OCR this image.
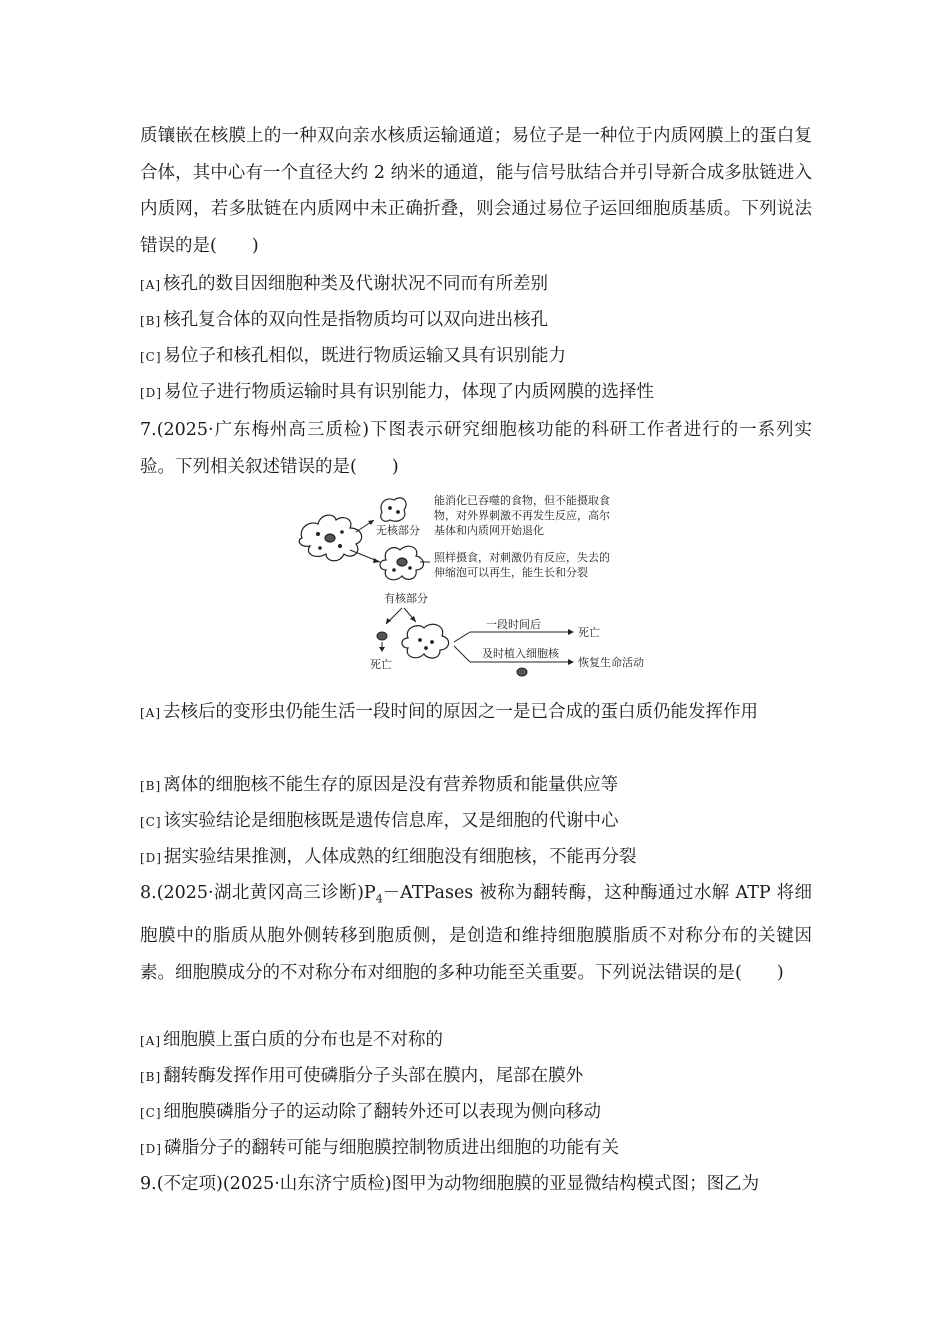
质镶嵌在核膜上的一种双向亲水核质运输通道；易位子是一种位于内质网膜上的蛋白复合体，其中心有一个直径大约 2 纳米的通道，能与信号肽结合并引导新合成多肽链进入内质网，若多肽链在内质网中未正确折叠，则会通过易位子运回细胞质基质。下列说法错误的是(　　)

[A] 核孔的数目因细胞种类及代谢状况不同而有所差别

[B] 核孔复合体的双向性是指物质均可以双向进出核孔

[C] 易位子和核孔相似，既进行物质运输又具有识别能力

[D] 易位子进行物质运输时具有识别能力，体现了内质网膜的选择性

7.(2025·广东梅州高三质检)下图表示研究细胞核功能的科研工作者进行的一系列实验。下列相关叙述错误的是(　　)

无核部分
能消化已吞噬的食物，但不能摄取食
物，对外界刺激不再发生反应，高尔
基体和内质网开始退化
照样摄食，对刺激仍有反应，失去的
伸缩泡可以再生，能生长和分裂
有核部分
死亡
一段时间后
死亡
及时植入细胞核
恢复生命活动

[A] 去核后的变形虫仍能生活一段时间的原因之一是已合成的蛋白质仍能发挥作用

[B] 离体的细胞核不能生存的原因是没有营养物质和能量供应等

[C] 该实验结论是细胞核既是遗传信息库，又是细胞的代谢中心

[D] 据实验结果推测，人体成熟的红细胞没有细胞核，不能再分裂

8.(2025·湖北黄冈高三诊断)$P_4-ATPases$ 被称为翻转酶，这种酶通过水解 ATP 将细胞膜中的脂质从胞外侧转移到胞质侧，是创造和维持细胞膜脂质不对称分布的关键因素。细胞膜成分的不对称分布对细胞的多种功能至关重要。下列说法错误的是(　　)

[A] 细胞膜上蛋白质的分布也是不对称的

[B] 翻转酶发挥作用可使磷脂分子头部在膜内，尾部在膜外

[C] 细胞膜磷脂分子的运动除了翻转外还可以表现为侧向移动

[D] 磷脂分子的翻转可能与细胞膜控制物质进出细胞的功能有关

9.(不定项)(2025·山东济宁质检)图甲为动物细胞膜的亚显微结构模式图；图乙为
